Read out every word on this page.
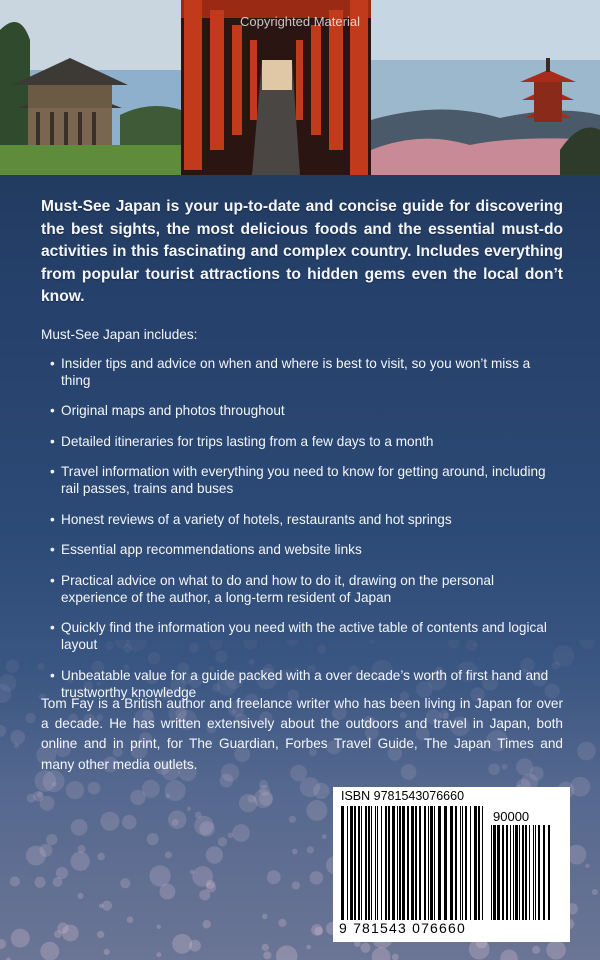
Copyrighted Material

Must-See Japan is your up-to-date and concise guide for discovering the best sights, the most delicious foods and the essential must-do activities in this fascinating and complex country. Includes everything from popular tourist attractions to hidden gems even the local don’t know.

Must-See Japan includes:

• Insider tips and advice on when and where is best to visit, so you won’t miss a thing
• Original maps and photos throughout
• Detailed itineraries for trips lasting from a few days to a month
• Travel information with everything you need to know for getting around, including rail passes, trains and buses
• Honest reviews of a variety of hotels, restaurants and hot springs
• Essential app recommendations and website links
• Practical advice on what to do and how to do it, drawing on the personal experience of the author, a long-term resident of Japan
• Quickly find the information you need with the active table of contents and logical layout
• Unbeatable value for a guide packed with a over decade’s worth of first hand and trustworthy knowledge

Tom Fay is a British author and freelance writer who has been living in Japan for over a decade. He has written extensively about the outdoors and travel in Japan, both online and in print, for The Guardian, Forbes Travel Guide, The Japan Times and many other media outlets.

ISBN 9781543076660
90000
9 781543 076660
